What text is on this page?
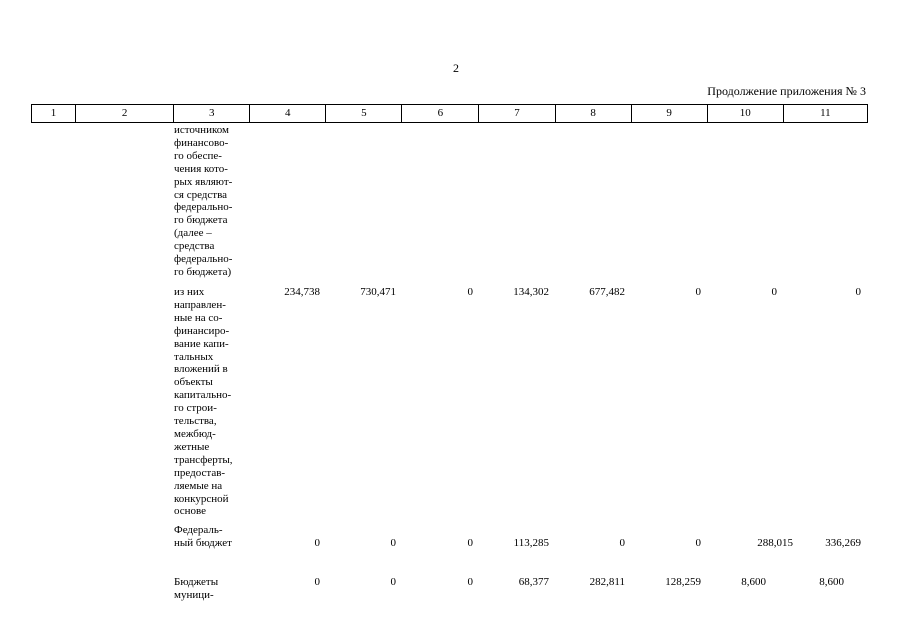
2
Продолжение приложения № 3
1	2	3	4	5	6	7	8	9	10	11
источником
финансово-
го обеспе-
чения кото-
рых являют-
ся средства
федерально-
го бюджета
(далее –
средства
федерально-
го бюджета)
из них
направлен-
ные на со-
финансиро-
вание капи-
тальных
вложений в
объекты
капитально-
го строи-
тельства,
межбюд-
жетные
трансферты,
предостав-
ляемые на
конкурсной
основе
234,738	730,471	0	134,302	677,482	0	0	0
Федераль-
ный бюджет	0	0	0	113,285	0	0	288,015	336,269
Бюджеты
муници-
0	0	0	68,377	282,811	128,259	8,600	8,600
